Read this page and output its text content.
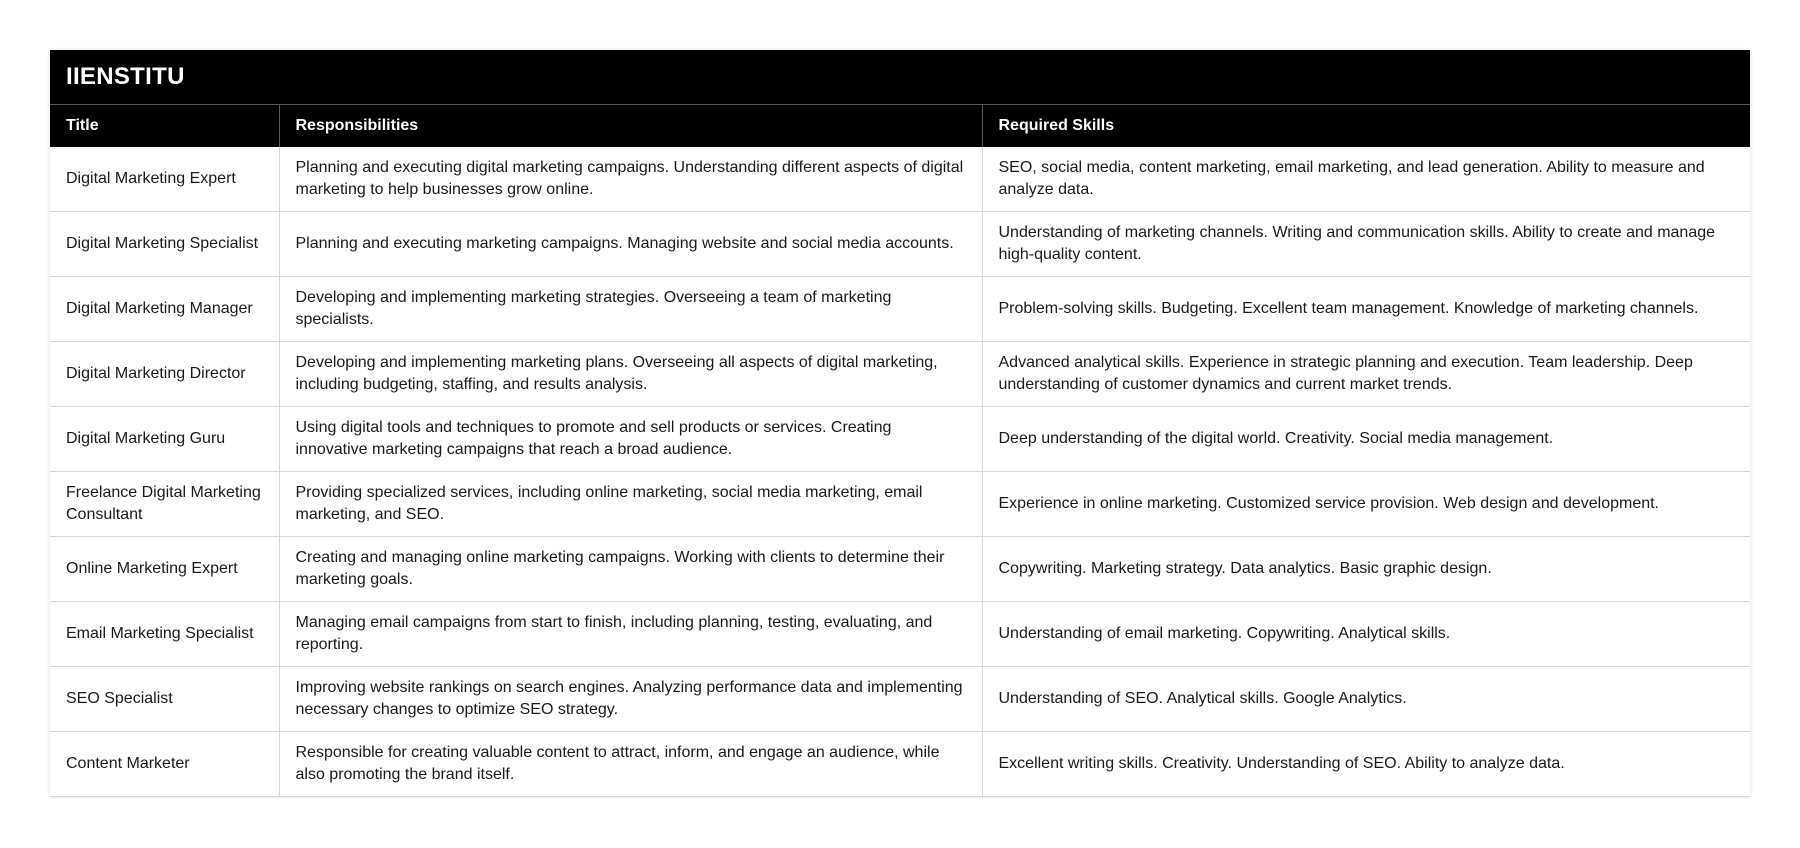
IIENSTITU
Title	Responsibilities	Required Skills
Digital Marketing Expert	Planning and executing digital marketing campaigns. Understanding different aspects of digital marketing to help businesses grow online.	SEO, social media, content marketing, email marketing, and lead generation. Ability to measure and analyze data.
Digital Marketing Specialist	Planning and executing marketing campaigns. Managing website and social media accounts.	Understanding of marketing channels. Writing and communication skills. Ability to create and manage high-quality content.
Digital Marketing Manager	Developing and implementing marketing strategies. Overseeing a team of marketing specialists.	Problem-solving skills. Budgeting. Excellent team management. Knowledge of marketing channels.
Digital Marketing Director	Developing and implementing marketing plans. Overseeing all aspects of digital marketing, including budgeting, staffing, and results analysis.	Advanced analytical skills. Experience in strategic planning and execution. Team leadership. Deep understanding of customer dynamics and current market trends.
Digital Marketing Guru	Using digital tools and techniques to promote and sell products or services. Creating innovative marketing campaigns that reach a broad audience.	Deep understanding of the digital world. Creativity. Social media management.
Freelance Digital Marketing Consultant	Providing specialized services, including online marketing, social media marketing, email marketing, and SEO.	Experience in online marketing. Customized service provision. Web design and development.
Online Marketing Expert	Creating and managing online marketing campaigns. Working with clients to determine their marketing goals.	Copywriting. Marketing strategy. Data analytics. Basic graphic design.
Email Marketing Specialist	Managing email campaigns from start to finish, including planning, testing, evaluating, and reporting.	Understanding of email marketing. Copywriting. Analytical skills.
SEO Specialist	Improving website rankings on search engines. Analyzing performance data and implementing necessary changes to optimize SEO strategy.	Understanding of SEO. Analytical skills. Google Analytics.
Content Marketer	Responsible for creating valuable content to attract, inform, and engage an audience, while also promoting the brand itself.	Excellent writing skills. Creativity. Understanding of SEO. Ability to analyze data.
